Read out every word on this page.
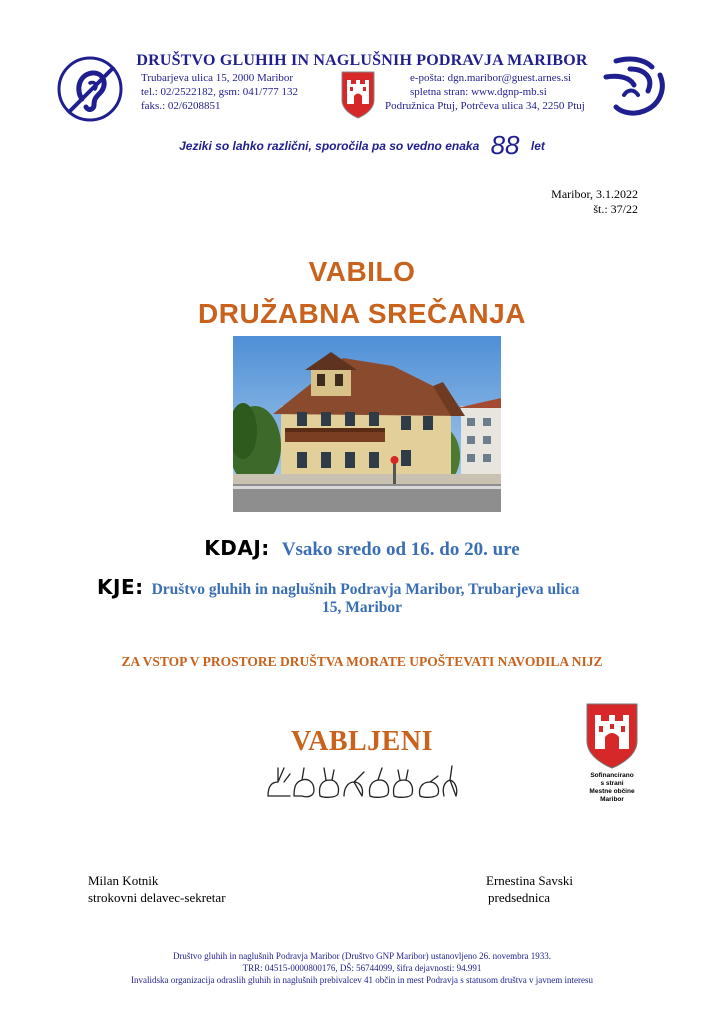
DRUŠTVO GLUHIH IN NAGLUŠNIH PODRAVJA MARIBOR
Trubarjeva ulica 15, 2000 Maribor
tel.: 02/2522182, gsm: 041/777 132
faks.: 02/6208851
e-pošta: dgn.maribor@guest.arnes.si
spletna stran: www.dgnp-mb.si
Podružnica Ptuj, Potrčeva ulica 34, 2250 Ptuj
Jeziki so lahko različni, sporočila pa so vedno enaka 88 let
Maribor, 3.1.2022
št.: 37/22
VABILO
DRUŽABNA SREČANJA
KDAJ: Vsako sredo od 16. do 20. ure
KJE: Društvo gluhih in naglušnih Podravja Maribor, Trubarjeva ulica
15, Maribor
ZA VSTOP V PROSTORE DRUŠTVA MORATE UPOŠTEVATI NAVODILA NIJZ
VABLJENI
Sofinancirano
s strani
Mestne občine
Maribor
Milan Kotnik
strokovni delavec-sekretar
Ernestina Savski
predsednica
Društvo gluhih in naglušnih Podravja Maribor (Društvo GNP Maribor) ustanovljeno 26. novembra 1933.
TRR: 04515-0000800176, DŠ: 56744099, šifra dejavnosti: 94.991
Invalidska organizacija odraslih gluhih in naglušnih prebivalcev 41 občin in mest Podravja s statusom društva v javnem interesu
